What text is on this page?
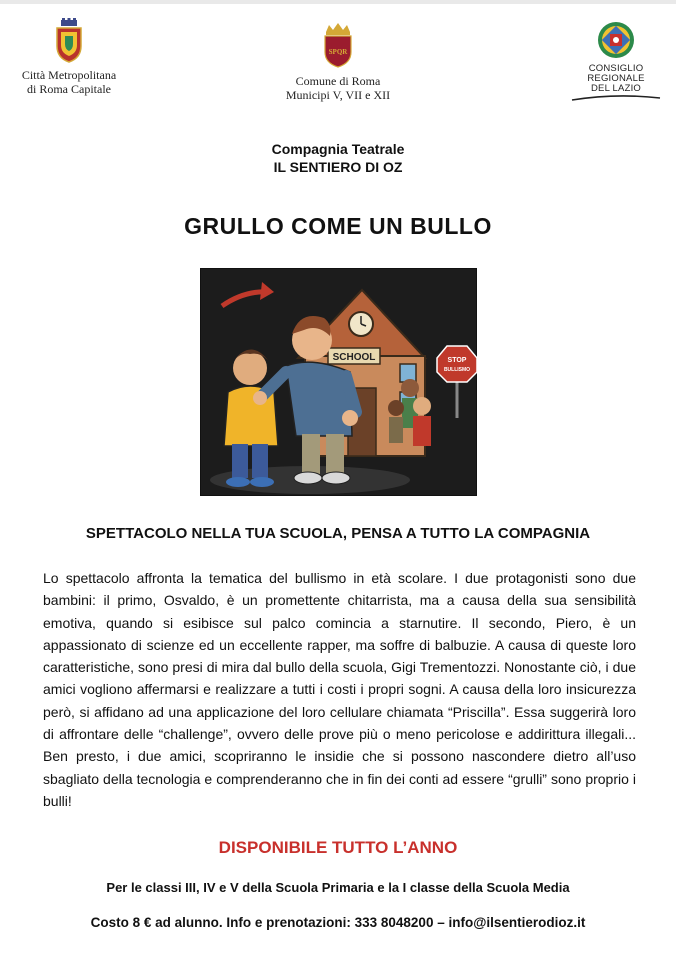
Città Metropolitana
di Roma Capitale
SPQR
Comune di Roma
Municipi V, VII e XII
CONSIGLIO
REGIONALE
DEL LAZIO
Compagnia Teatrale
IL SENTIERO DI OZ
GRULLO COME UN BULLO
SCHOOL	STOP
BULLISMO
SPETTACOLO NELLA TUA SCUOLA, PENSA A TUTTO LA COMPAGNIA
Lo spettacolo affronta la tematica del bullismo in età scolare. I due protagonisti sono due bambini: il primo, Osvaldo, è un promettente chitarrista, ma a causa della sua sensibilità emotiva, quando si esibisce sul palco comincia a starnutire. Il secondo, Piero, è un appassionato di scienze ed un eccellente rapper, ma soffre di balbuzie. A causa di queste loro caratteristiche, sono presi di mira dal bullo della scuola, Gigi Trementozzi. Nonostante ciò, i due amici vogliono affermarsi e realizzare a tutti i costi i propri sogni. A causa della loro insicurezza però, si affidano ad una applicazione del loro cellulare chiamata “Priscilla”. Essa suggerirà loro di affrontare delle “challenge”, ovvero delle prove più o meno pericolose e addirittura illegali... Ben presto, i due amici, scopriranno le insidie che si possono nascondere dietro all’uso sbagliato della tecnologia e comprenderanno che in fin dei conti ad essere “grulli” sono proprio i bulli!
DISPONIBILE TUTTO L’ANNO
Per le classi III, IV e V della Scuola Primaria e la I classe della Scuola Media
Costo 8 € ad alunno. Info e prenotazioni: 333 8048200 – info@ilsentierodioz.it
